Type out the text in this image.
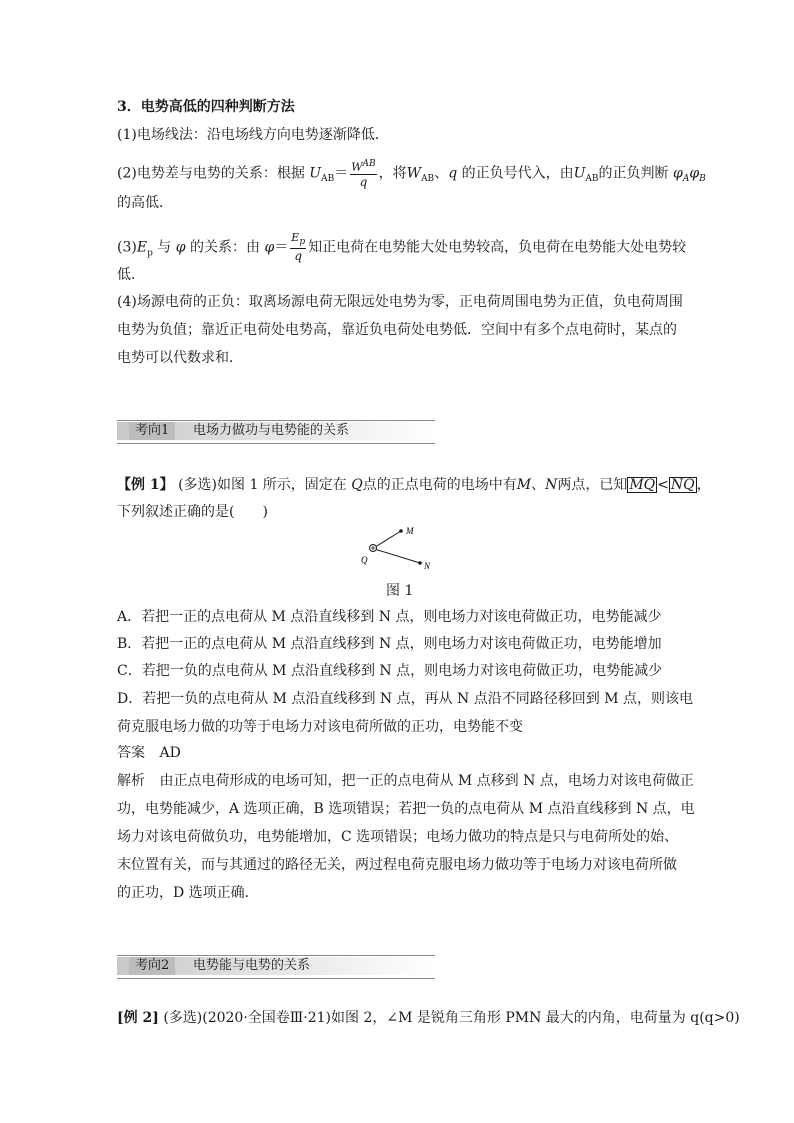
3．电势高低的四种判断方法
(1)电场线法：沿电场线方向电势逐渐降低．
(2)电势差与电势的关系：根据 $U_{AB}= \frac{W^{AB}}{q}$ ，将$W_{AB}$、q 的正负号代入，由$U_{AB}$的正负判断 $\varphi_A\varphi_B$
的高低．
$(3)E_p$ 与 φ 的关系：由 $\varphi= \frac{E_p}{q}$ 知正电荷在电势能大处电势较高，负电荷在电势能大处电势较
低．
(4)场源电荷的正负：取离场源电荷无限远处电势为零，正电荷周围电势为正值，负电荷周围
电势为负值；靠近正电荷处电势高，靠近负电荷处电势低．空间中有多个点电荷时，某点的
电势可以代数求和．
考向1	电场力做功与电势能的关系
【例 1】 (多选)如图 1 所示，固定在 Q点的正点电荷的电场中有M、N两点，已知 MQ < NQ ，
下列叙述正确的是(　　)
M
N
Q
图 1
A．若把一正的点电荷从 M 点沿直线移到 N 点，则电场力对该电荷做正功，电势能减少
B．若把一正的点电荷从 M 点沿直线移到 N 点，则电场力对该电荷做正功，电势能增加
C．若把一负的点电荷从 M 点沿直线移到 N 点，则电场力对该电荷做正功，电势能减少
D．若把一负的点电荷从 M 点沿直线移到 N 点，再从 N 点沿不同路径移回到 M 点，则该电
荷克服电场力做的功等于电场力对该电荷所做的正功，电势能不变
答案 AD
解析 由正点电荷形成的电场可知，把一正的点电荷从 M 点移到 N 点，电场力对该电荷做正
功，电势能减少，A 选项正确，B 选项错误；若把一负的点电荷从 M 点沿直线移到 N 点，电
场力对该电荷做负功，电势能增加，C 选项错误；电场力做功的特点是只与电荷所处的始、
末位置有关，而与其通过的路径无关，两过程电荷克服电场力做功等于电场力对该电荷所做
的正功，D 选项正确．
考向2	电势能与电势的关系
[例 2] (多选)(2020·全国卷Ⅲ·21)如图 2，∠M 是锐角三角形 PMN 最大的内角，电荷量为 q(q>0)
